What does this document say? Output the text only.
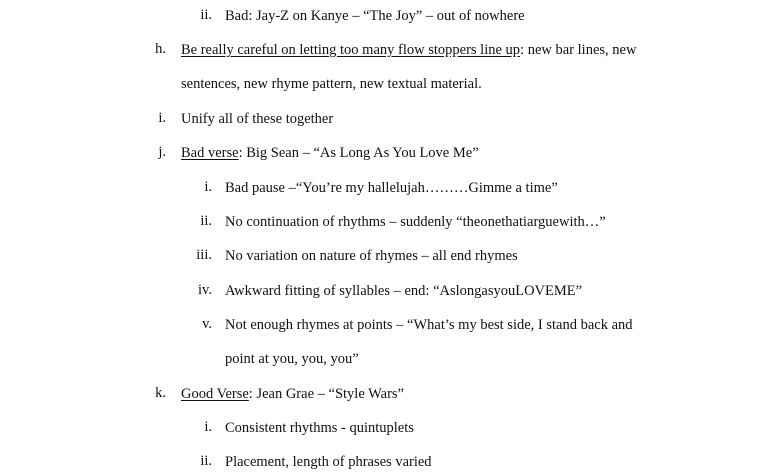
ii. Bad: Jay-Z on Kanye – “The Joy” – out of nowhere
h. Be really careful on letting too many flow stoppers line up: new bar lines, new
sentences, new rhyme pattern, new textual material.
i. Unify all of these together
j. Bad verse: Big Sean – “As Long As You Love Me”
i. Bad pause –“You’re my hallelujah………Gimme a time”
ii. No continuation of rhythms – suddenly “theonethatiarguewith…”
iii. No variation on nature of rhymes – all end rhymes
iv. Awkward fitting of syllables – end: “AslongasyouLOVEME”
v. Not enough rhymes at points – “What’s my best side, I stand back and
point at you, you, you”
k. Good Verse: Jean Grae – “Style Wars”
i. Consistent rhythms - quintuplets
ii. Placement, length of phrases varied
